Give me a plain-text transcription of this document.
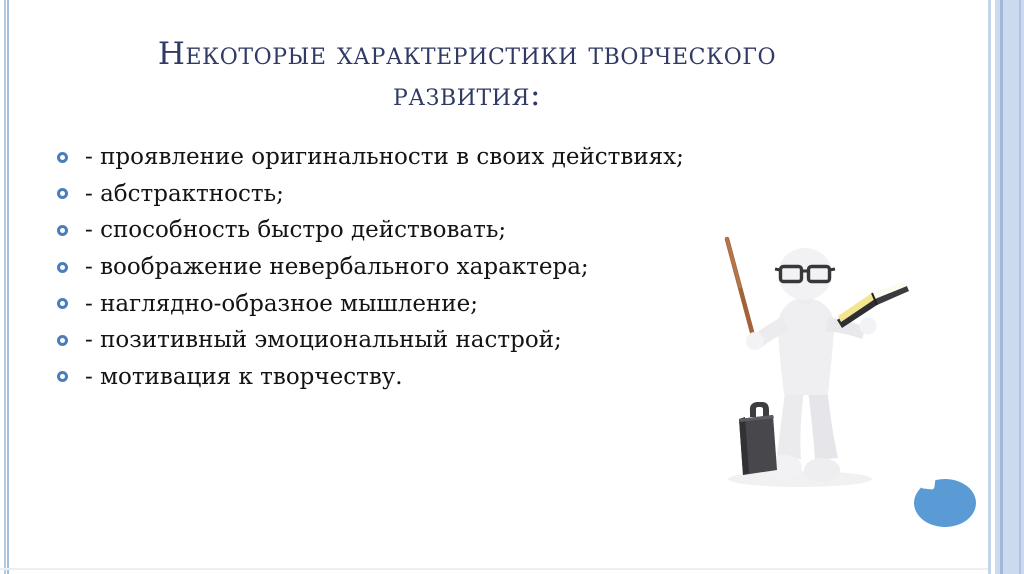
Некоторые характеристики творческого развития:
- проявление оригинальности в своих действиях;
- абстрактность;
- способность быстро действовать;
- воображение невербального характера;
- наглядно-образное мышление;
- позитивный эмоциональный настрой;
- мотивация к творчеству.
